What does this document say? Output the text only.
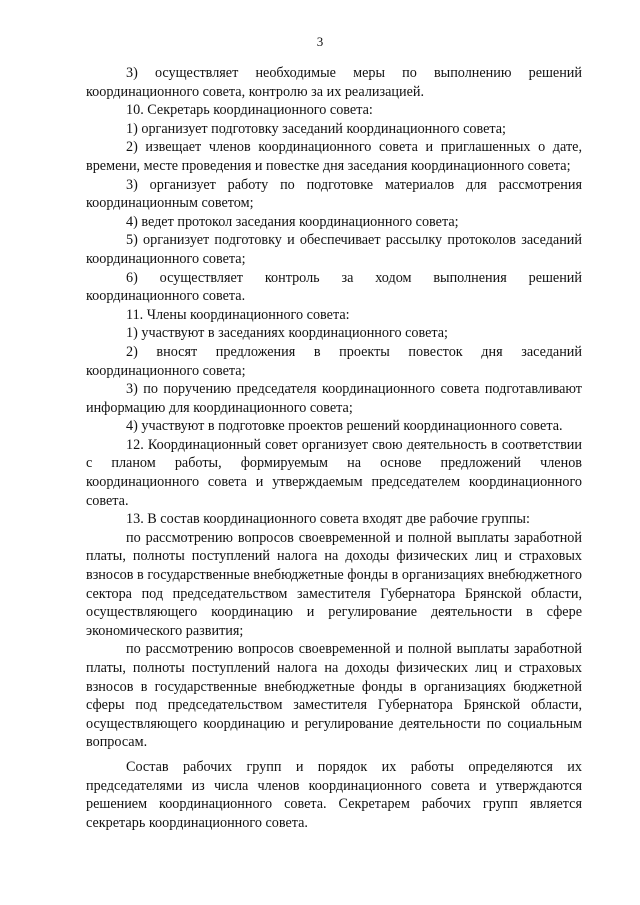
3

3) осуществляет необходимые меры по выполнению решений координационного совета, контролю за их реализацией.

10. Секретарь координационного совета:

1) организует подготовку заседаний координационного совета;

2) извещает членов координационного совета и приглашенных о дате, времени, месте проведения и повестке дня заседания координационного совета;

3) организует работу по подготовке материалов для рассмотрения координационным советом;

4) ведет протокол заседания координационного совета;

5) организует подготовку и обеспечивает рассылку протоколов заседаний координационного совета;

6) осуществляет контроль за ходом выполнения решений координационного совета.

11. Члены координационного совета:

1) участвуют в заседаниях координационного совета;

2) вносят предложения в проекты повесток дня заседаний координационного совета;

3) по поручению председателя координационного совета подготавливают информацию для координационного совета;

4) участвуют в подготовке проектов решений координационного совета.

12. Координационный совет организует свою деятельность в соответствии с планом работы, формируемым на основе предложений членов координационного совета и утверждаемым председателем координационного совета.

13. В состав координационного совета входят две рабочие группы:

по рассмотрению вопросов своевременной и полной выплаты заработной платы, полноты поступлений налога на доходы физических лиц и страховых взносов в государственные внебюджетные фонды в организациях внебюджетного сектора под председательством заместителя Губернатора Брянской области, осуществляющего координацию и регулирование деятельности в сфере экономического развития;

по рассмотрению вопросов своевременной и полной выплаты заработной платы, полноты поступлений налога на доходы физических лиц и страховых взносов в государственные внебюджетные фонды в организациях бюджетной сферы под председательством заместителя Губернатора Брянской области, осуществляющего координацию и регулирование деятельности по социальным вопросам.

Состав рабочих групп и порядок их работы определяются их председателями из числа членов координационного совета и утверждаются решением координационного совета. Секретарем рабочих групп является секретарь координационного совета.
